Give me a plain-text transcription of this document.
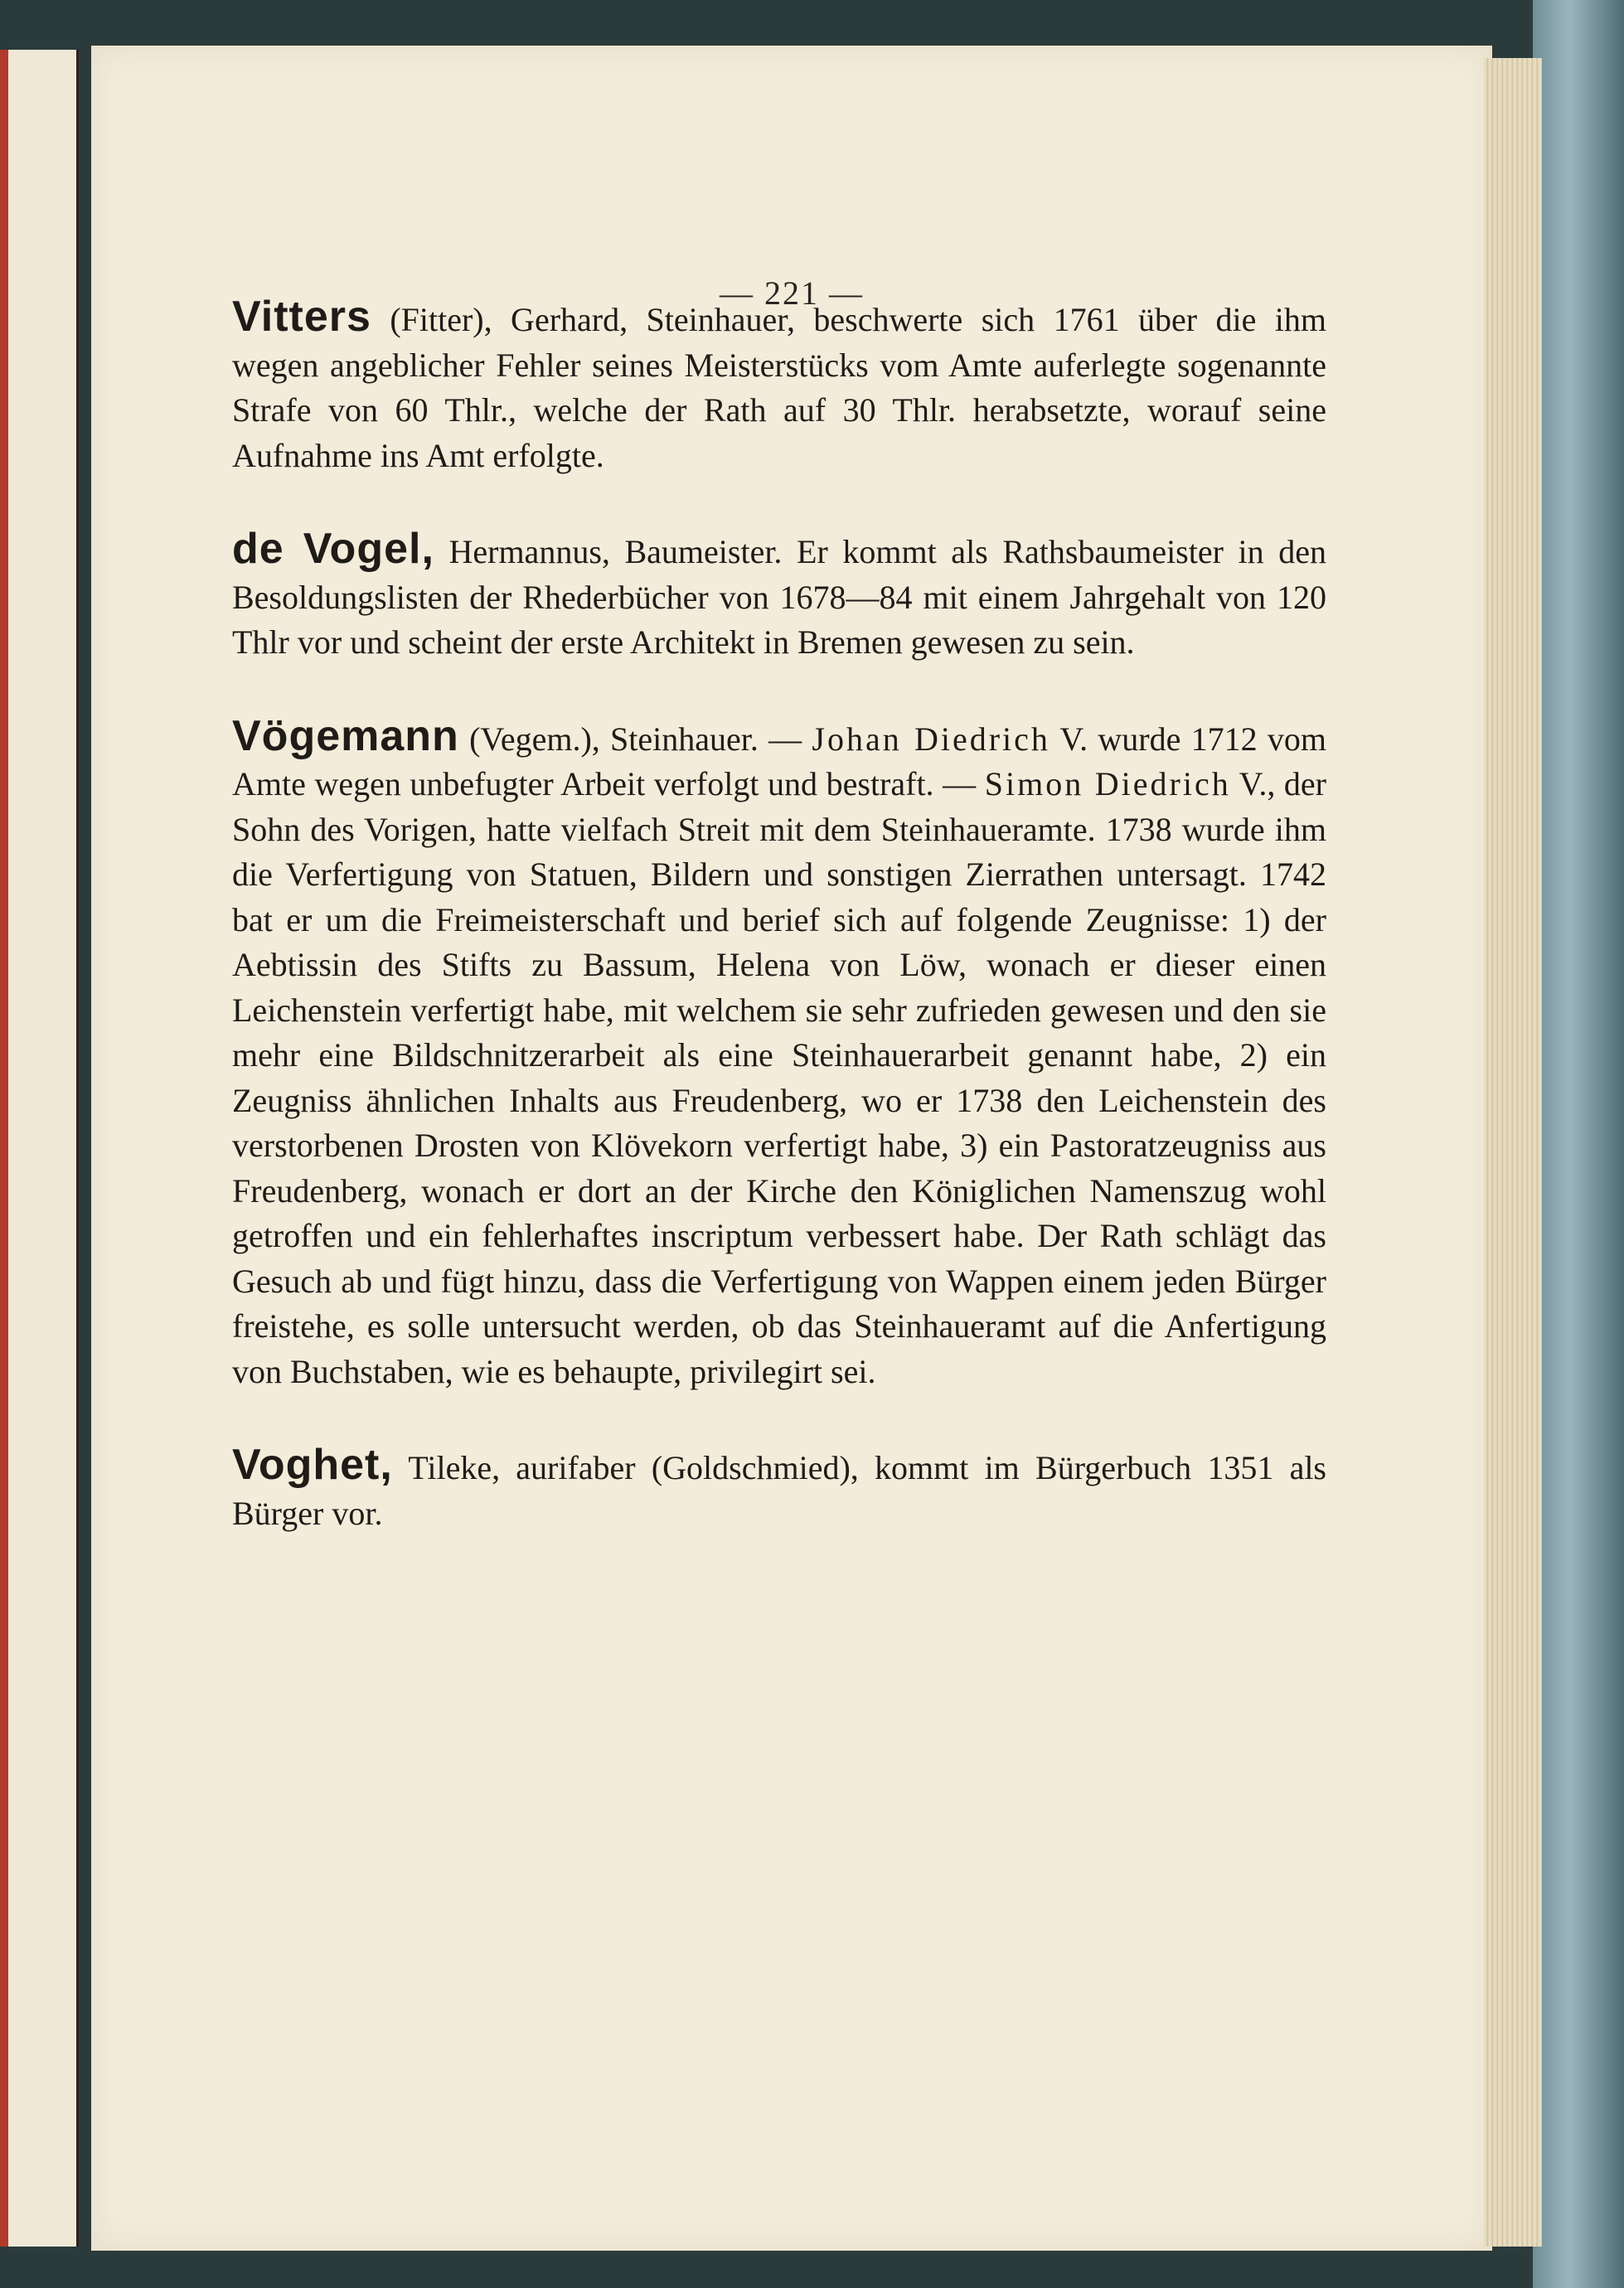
— 221 —

Vitters (Fitter), Gerhard, Steinhauer, beschwerte sich 1761 über die ihm wegen angeblicher Fehler seines Meisterstücks vom Amte auferlegte sogenannte Strafe von 60 Thlr., welche der Rath auf 30 Thlr. herabsetzte, worauf seine Aufnahme ins Amt erfolgte.

de Vogel, Hermannus, Baumeister. Er kommt als Rathsbaumeister in den Besoldungslisten der Rhederbücher von 1678—84 mit einem Jahrgehalt von 120 Thlr vor und scheint der erste Architekt in Bremen gewesen zu sein.

Vögemann (Vegem.), Steinhauer. — Johan Diedrich V. wurde 1712 vom Amte wegen unbefugter Arbeit verfolgt und bestraft. — Simon Diedrich V., der Sohn des Vorigen, hatte vielfach Streit mit dem Steinhaueramte. 1738 wurde ihm die Verfertigung von Statuen, Bildern und sonstigen Zierrathen untersagt. 1742 bat er um die Freimeisterschaft und berief sich auf folgende Zeugnisse: 1) der Aebtissin des Stifts zu Bassum, Helena von Löw, wonach er dieser einen Leichenstein verfertigt habe, mit welchem sie sehr zufrieden gewesen und den sie mehr eine Bildschnitzerarbeit als eine Steinhauerarbeit genannt habe, 2) ein Zeugniss ähnlichen Inhalts aus Freudenberg, wo er 1738 den Leichenstein des verstorbenen Drosten von Klövekorn verfertigt habe, 3) ein Pastoratzeugniss aus Freudenberg, wonach er dort an der Kirche den Königlichen Namenszug wohl getroffen und ein fehlerhaftes inscriptum verbessert habe. Der Rath schlägt das Gesuch ab und fügt hinzu, dass die Verfertigung von Wappen einem jeden Bürger freistehe, es solle untersucht werden, ob das Steinhaueramt auf die Anfertigung von Buchstaben, wie es behaupte, privilegirt sei.

Voghet, Tileke, aurifaber (Goldschmied), kommt im Bürgerbuch 1351 als Bürger vor.
